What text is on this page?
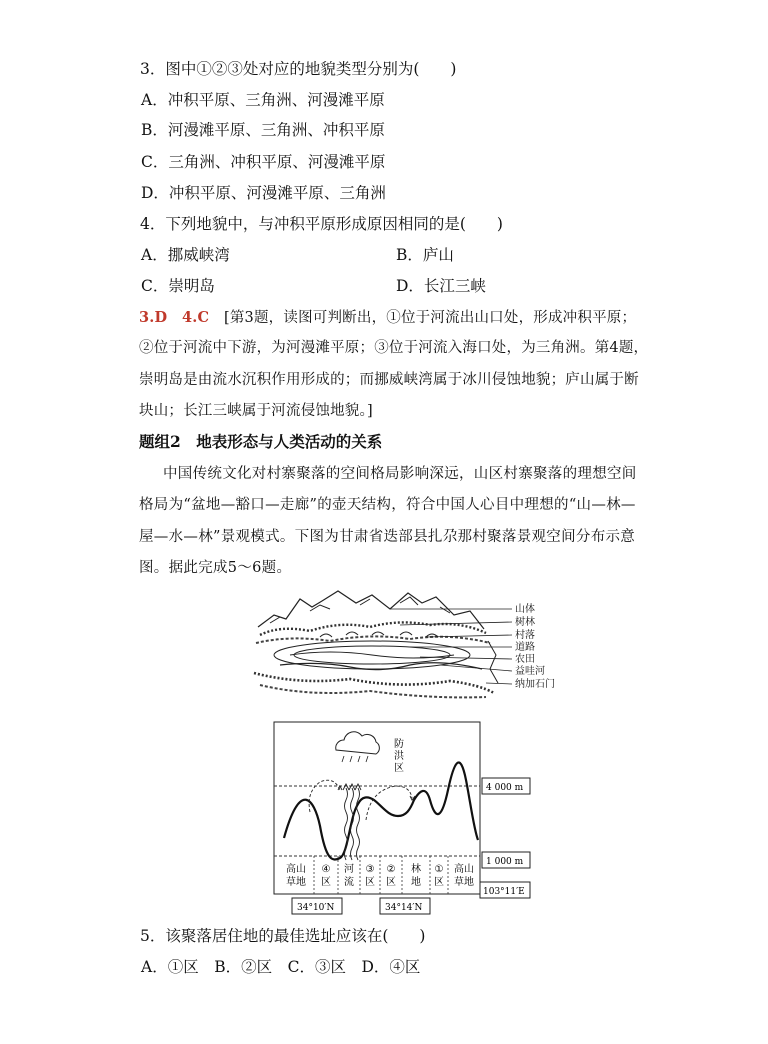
3．图中①②③处对应的地貌类型分别为(　　)
A．冲积平原、三角洲、河漫滩平原
B．河漫滩平原、三角洲、冲积平原
C．三角洲、冲积平原、河漫滩平原
D．冲积平原、河漫滩平原、三角洲
4．下列地貌中，与冲积平原形成原因相同的是(　　)
A．挪威峡湾	B．庐山
C．崇明岛	D．长江三峡
3.D　4.C　 [第3题，读图可判断出，①位于河流出山口处，形成冲积平原；
②位于河流中下游，为河漫滩平原；③位于河流入海口处，为三角洲。第4题，
崇明岛是由流水沉积作用形成的；而挪威峡湾属于冰川侵蚀地貌；庐山属于断
块山；长江三峡属于河流侵蚀地貌。]
题组2　地表形态与人类活动的关系
中国传统文化对村寨聚落的空间格局影响深远，山区村寨聚落的理想空间
格局为“盆地—豁口—走廊”的壶天结构，符合中国人心目中理想的“山—林—
屋—水—林”景观模式。下图为甘肃省迭部县扎尕那村聚落景观空间分布示意
图。据此完成5～6题。
山体
树林
村落
道路
农田
益哇河
纳加石门
4 000 m
1 000 m
防
洪
区
高山
草地
④
区
河
流
③
区
②
区
林
地
①
区
高山
草地
103°11′E
34°10′N	34°14′N
5．该聚落居住地的最佳选址应该在(　　)
A．①区　B．②区　C．③区　D．④区
